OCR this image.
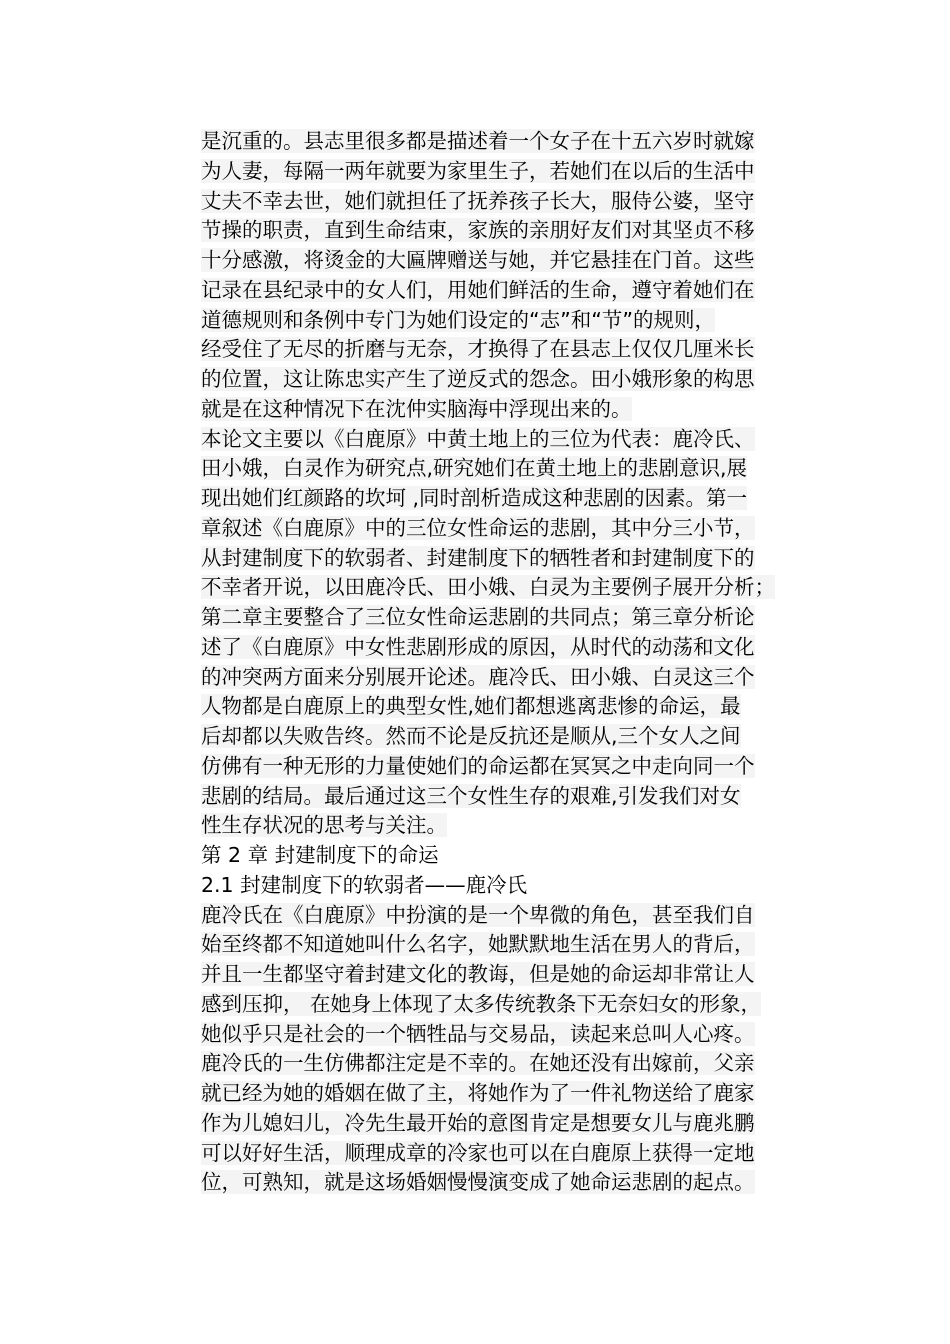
是沉重的。县志里很多都是描述着一个女子在十五六岁时就嫁
为人妻，每隔一两年就要为家里生子，若她们在以后的生活中
丈夫不幸去世，她们就担任了抚养孩子长大，服侍公婆，坚守
节操的职责，直到生命结束，家族的亲朋好友们对其坚贞不移
十分感激，将烫金的大匾牌赠送与她，并它悬挂在门首。这些
记录在县纪录中的女人们，用她们鲜活的生命，遵守着她们在
道德规则和条例中专门为她们设定的“志”和“节”的规则，
经受住了无尽的折磨与无奈，才换得了在县志上仅仅几厘米长
的位置，这让陈忠实产生了逆反式的怨念。田小娥形象的构思
就是在这种情况下在沈仲实脑海中浮现出来的。
本论文主要以《白鹿原》中黄土地上的三位为代表：鹿冷氏、
田小娥，白灵作为研究点,研究她们在黄土地上的悲剧意识,展
现出她们红颜路的坎坷 ,同时剖析造成这种悲剧的因素。第一
章叙述《白鹿原》中的三位女性命运的悲剧，其中分三小节，
从封建制度下的软弱者、封建制度下的牺牲者和封建制度下的
不幸者开说，以田鹿冷氏、田小娥、白灵为主要例子展开分析；
第二章主要整合了三位女性命运悲剧的共同点；第三章分析论
述了《白鹿原》中女性悲剧形成的原因，从时代的动荡和文化
的冲突两方面来分别展开论述。鹿冷氏、田小娥、白灵这三个
人物都是白鹿原上的典型女性,她们都想逃离悲惨的命运，最
后却都以失败告终。然而不论是反抗还是顺从,三个女人之间
仿佛有一种无形的力量使她们的命运都在冥冥之中走向同一个
悲剧的结局。最后通过这三个女性生存的艰难,引发我们对女
性生存状况的思考与关注。
第 2 章 封建制度下的命运
2.1 封建制度下的软弱者——鹿冷氏
鹿冷氏在《白鹿原》中扮演的是一个卑微的角色，甚至我们自
始至终都不知道她叫什么名字，她默默地生活在男人的背后，
并且一生都坚守着封建文化的教诲，但是她的命运却非常让人
感到压抑， 在她身上体现了太多传统教条下无奈妇女的形象，
她似乎只是社会的一个牺牲品与交易品，读起来总叫人心疼。
鹿冷氏的一生仿佛都注定是不幸的。在她还没有出嫁前，父亲
就已经为她的婚姻在做了主，将她作为了一件礼物送给了鹿家
作为儿媳妇儿，冷先生最开始的意图肯定是想要女儿与鹿兆鹏
可以好好生活，顺理成章的冷家也可以在白鹿原上获得一定地
位，可熟知，就是这场婚姻慢慢演变成了她命运悲剧的起点。
